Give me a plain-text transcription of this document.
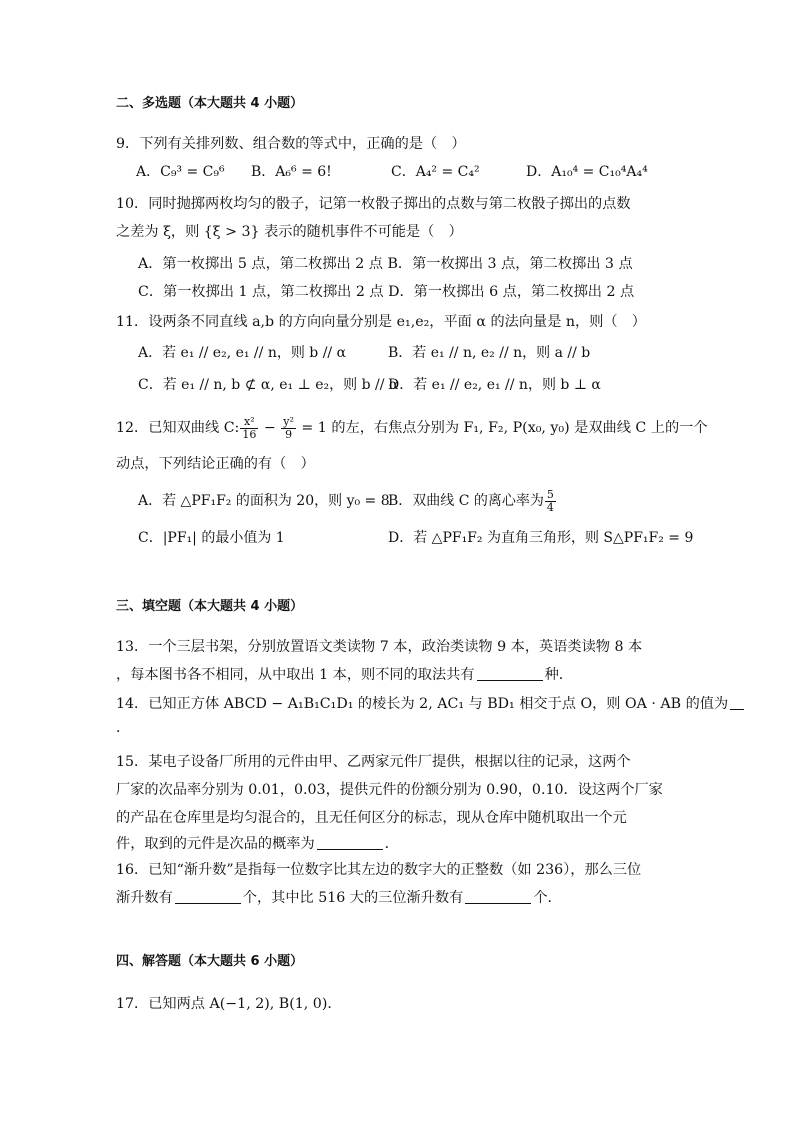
二、多选题（本大题共 4 小题）
9．下列有关排列数、组合数的等式中，正确的是（　）
A．C₉³ = C₉⁶ B．A₆⁶ = 6!	C．A₄² = C₄²	D．A₁₀⁴ = C₁₀⁴A₄⁴
10．同时抛掷两枚均匀的骰子，记第一枚骰子掷出的点数与第二枚骰子掷出的点数
之差为 ξ，则 {ξ > 3} 表示的随机事件不可能是（　）
A．第一枚掷出 5 点，第二枚掷出 2 点 B．第一枚掷出 3 点，第二枚掷出 3 点
C．第一枚掷出 1 点，第二枚掷出 2 点 D．第一枚掷出 6 点，第二枚掷出 2 点
11．设两条不同直线 a,b 的方向向量分别是 e₁,e₂，平面 α 的法向量是 n，则（　）
A．若 e₁ // e₂, e₁ // n，则 b // α	B．若 e₁ // n, e₂ // n，则 a // b
C．若 e₁ // n, b ⊄ α, e₁ ⊥ e₂，则 b // α
D．若 e₁ // e₂, e₁ // n，则 b ⊥ α
12．已知双曲线 C: $\frac{\text{x²}}{16} - \frac{\text{y²}}{9} = 1$ 的左，右焦点分别为 F₁, F₂, P(x₀, y₀) 是双曲线 C 上的一个
动点，下列结论正确的有（　）
A．若 △PF₁F₂ 的面积为 20，则 y₀ = 8
B．双曲线 C 的离心率为 $\frac{5}{4}$
C．|PF₁| 的最小值为 1	D．若 △PF₁F₂ 为直角三角形，则 S△PF₁F₂ = 9
三、填空题（本大题共 4 小题）
13．一个三层书架，分别放置语文类读物 7 本，政治类读物 9 本，英语类读物 8 本
，每本图书各不相同，从中取出 1 本，则不同的取法共有	种．
14．已知正方体 ABCD − A₁B₁C₁D₁ 的棱长为 2, AC₁ 与 BD₁ 相交于点 O，则 OA · AB 的值为
．
15．某电子设备厂所用的元件由甲、乙两家元件厂提供，根据以往的记录，这两个
厂家的次品率分别为 0.01，0.03，提供元件的份额分别为 0.90，0.10．设这两个厂家
的产品在仓库里是均匀混合的，且无任何区分的标志，现从仓库中随机取出一个元
件，取到的元件是次品的概率为	．
16．已知“渐升数”是指每一位数字比其左边的数字大的正整数（如 236），那么三位
渐升数有	个，其中比 516 大的三位渐升数有	个．
四、解答题（本大题共 6 小题）
17．已知两点 A(−1, 2), B(1, 0)．
